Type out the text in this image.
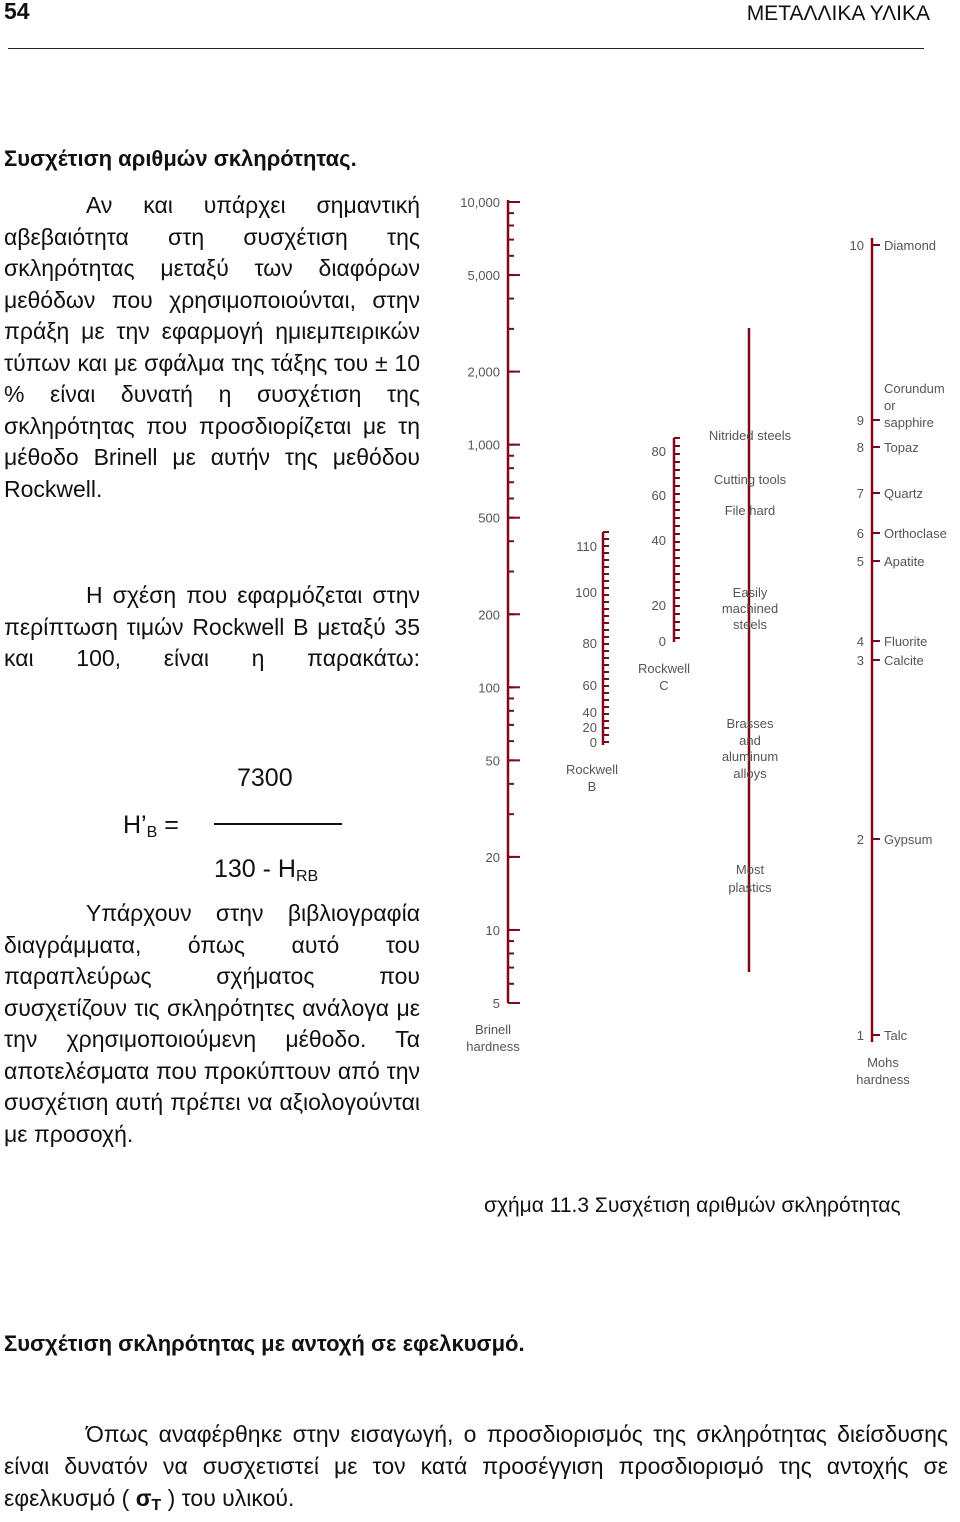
54	ΜΕΤΑΛΛΙΚΑ ΥΛΙΚΑ
Συσχέτιση αριθμών σκληρότητας.
Αν και υπάρχει σημαντική αβεβαιότητα στη συσχέτιση της σκληρότητας μεταξύ των διαφόρων μεθόδων που χρησιμοποιούνται, στην πράξη με την εφαρμογή ημιεμπειρικών τύπων και με σφάλμα της τάξης του ± 10 % είναι δυνατή η συσχέτιση της σκληρότητας που προσδιορίζεται με τη μέθοδο Brinell με αυτήν της μεθόδου Rockwell.
Η σχέση που εφαρμόζεται στην περίπτωση τιμών Rockwell B μεταξύ 35 και 100, είναι η παρακάτω:
7300
$H’_B$ =
$130 - H_{RB}$
Υπάρχουν στην βιβλιογραφία διαγράμματα, όπως αυτό του παραπλεύρως σχήματος που συσχετίζουν τις σκληρότητες ανάλογα με την χρησιμοποιούμενη μέθοδο. Τα αποτελέσματα που προκύπτουν από την συσχέτιση αυτή πρέπει να αξιολογούνται με προσοχή.
10,000
5,000
2,000
1,000
500
200
100
50
20
10
5
Brinell
hardness
110
100
80
60
40
20
0
Rockwell
B
80
60
40
20
0
Rockwell
C
Nitrided steels
Cutting tools
File hard
Easily
machined
steels
Brasses
and
aluminum
alloys
Most
plastics
10
9
8
7
6
5
4
3
2
1
Diamond
Topaz
Quartz
Orthoclase
Apatite
Fluorite
Calcite
Gypsum
Talc
Corundum
or
sapphire
Mohs
hardness
σχήμα 11.3 Συσχέτιση αριθμών σκληρότητας
Συσχέτιση σκληρότητας με αντοχή σε εφελκυσμό.
Όπως αναφέρθηκε στην εισαγωγή, ο προσδιορισμός της σκληρότητας διείσδυσης είναι δυνατόν να συσχετιστεί με τον κατά προσέγγιση προσδιορισμό της αντοχής σε εφελκυσμό ( $\sigma_T$ ) του υλικού.
